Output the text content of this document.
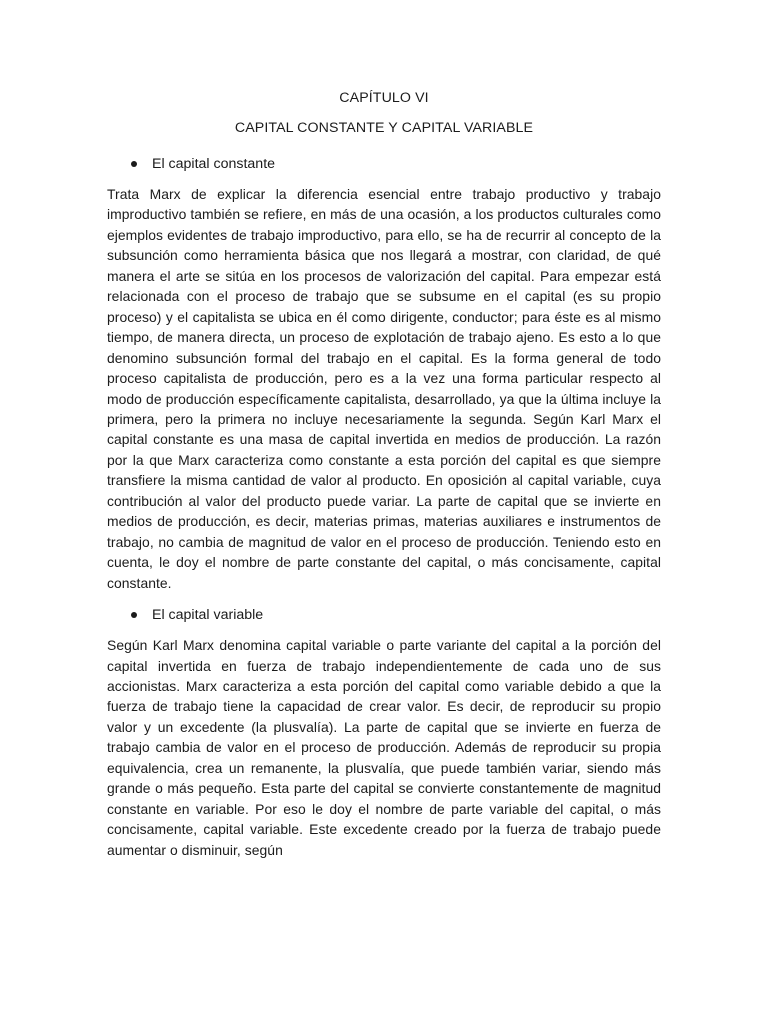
CAPÍTULO VI
CAPITAL CONSTANTE Y CAPITAL VARIABLE
El capital constante

Trata Marx de explicar la diferencia esencial entre trabajo productivo y trabajo improductivo también se refiere, en más de una ocasión, a los productos culturales como ejemplos evidentes de trabajo improductivo, para ello, se ha de recurrir al concepto de la subsunción como herramienta básica que nos llegará a mostrar, con claridad, de qué manera el arte se sitúa en los procesos de valorización del capital. Para empezar está relacionada con el proceso de trabajo que se subsume en el capital (es su propio proceso) y el capitalista se ubica en él como dirigente, conductor; para éste es al mismo tiempo, de manera directa, un proceso de explotación de trabajo ajeno. Es esto a lo que denomino subsunción formal del trabajo en el capital. Es la forma general de todo proceso capitalista de producción, pero es a la vez una forma particular respecto al modo de producción específicamente capitalista, desarrollado, ya que la última incluye la primera, pero la primera no incluye necesariamente la segunda. Según Karl Marx el capital constante es una masa de capital invertida en medios de producción. La razón por la que Marx caracteriza como constante a esta porción del capital es que siempre transfiere la misma cantidad de valor al producto. En oposición al capital variable, cuya contribución al valor del producto puede variar. La parte de capital que se invierte en medios de producción, es decir, materias primas, materias auxiliares e instrumentos de trabajo, no cambia de magnitud de valor en el proceso de producción. Teniendo esto en cuenta, le doy el nombre de parte constante del capital, o más concisamente, capital constante.

El capital variable

Según Karl Marx denomina capital variable o parte variante del capital a la porción del capital invertida en fuerza de trabajo independientemente de cada uno de sus accionistas. Marx caracteriza a esta porción del capital como variable debido a que la fuerza de trabajo tiene la capacidad de crear valor. Es decir, de reproducir su propio valor y un excedente (la plusvalía). La parte de capital que se invierte en fuerza de trabajo cambia de valor en el proceso de producción. Además de reproducir su propia equivalencia, crea un remanente, la plusvalía, que puede también variar, siendo más grande o más pequeño. Esta parte del capital se convierte constantemente de magnitud constante en variable. Por eso le doy el nombre de parte variable del capital, o más concisamente, capital variable. Este excedente creado por la fuerza de trabajo puede aumentar o disminuir, según
